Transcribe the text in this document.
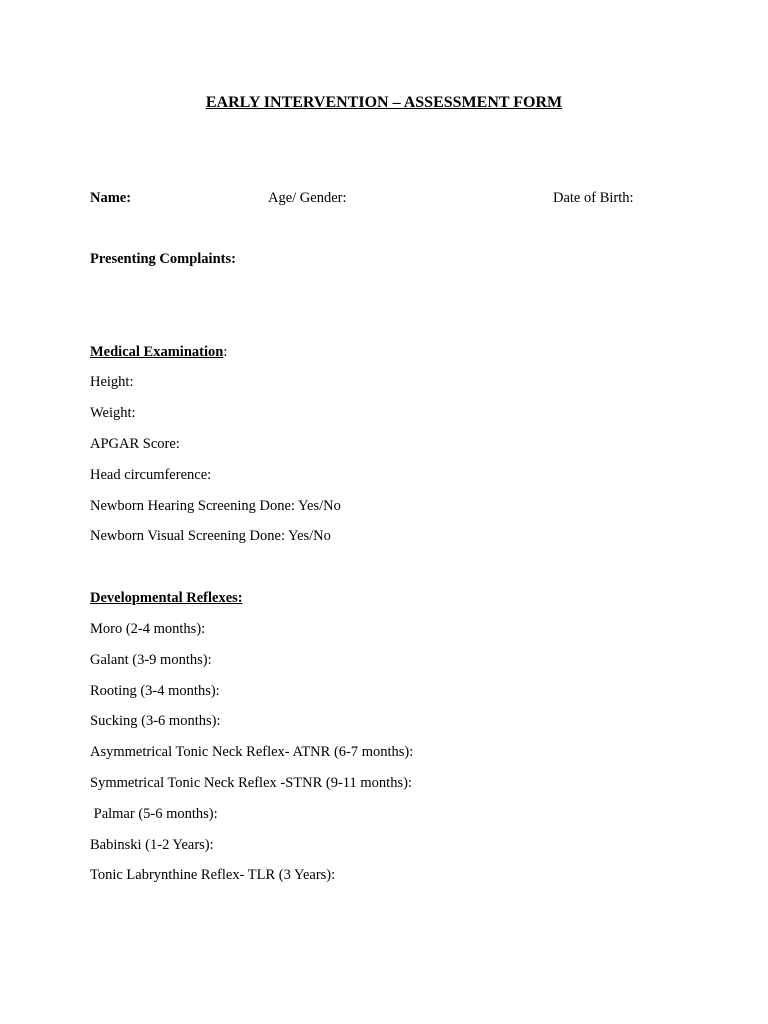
EARLY INTERVENTION – ASSESSMENT FORM
Name:	Age/ Gender:	Date of Birth:
Presenting Complaints:
Medical Examination:
Height:
Weight:
APGAR Score:
Head circumference:
Newborn Hearing Screening Done: Yes/No
Newborn Visual Screening Done: Yes/No
Developmental Reflexes:
Moro (2-4 months):
Galant (3-9 months):
Rooting (3-4 months):
Sucking (3-6 months):
Asymmetrical Tonic Neck Reflex- ATNR (6-7 months):
Symmetrical Tonic Neck Reflex -STNR (9-11 months):
Palmar (5-6 months):
Babinski (1-2 Years):
Tonic Labrynthine Reflex- TLR (3 Years):
